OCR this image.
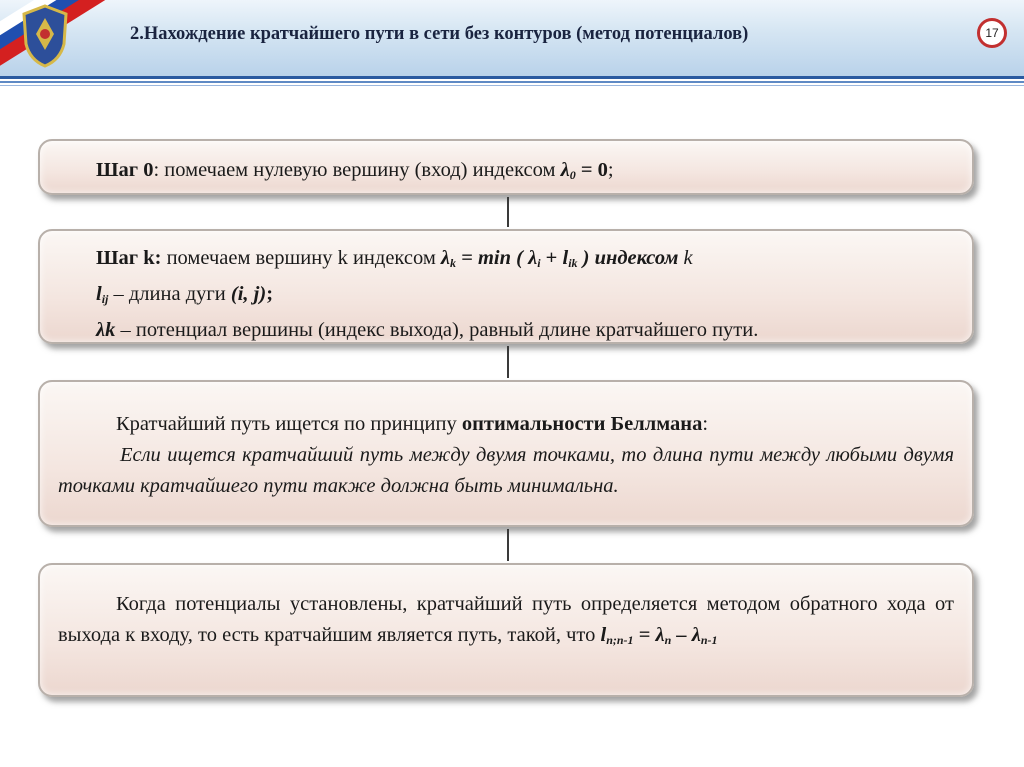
2.Нахождение кратчайшего пути в сети без контуров (метод потенциалов)	17

Шаг 0: помечаем нулевую вершину (вход) индексом $\lambda_0 = 0$;

Шаг k: помечаем вершину k индексом $\lambda_k = \min$ ( $\lambda_i + l_{ik}$ ) индексом k

$l_{ij}$ – длина дуги (i, j);

λk – потенциал вершины (индекс выхода), равный длине кратчайшего пути.

Кратчайший путь ищется по принципу оптимальности Беллмана:

Если ищется кратчайший путь между двумя точками, то длина пути между любыми двумя точками кратчайшего пути также должна быть минимальна.

Когда потенциалы установлены, кратчайший путь определяется методом обратного хода от выхода к входу, то есть кратчайшим является путь, такой, что $l_{n;n-1} = \lambda_n - \lambda_{n-1}$
